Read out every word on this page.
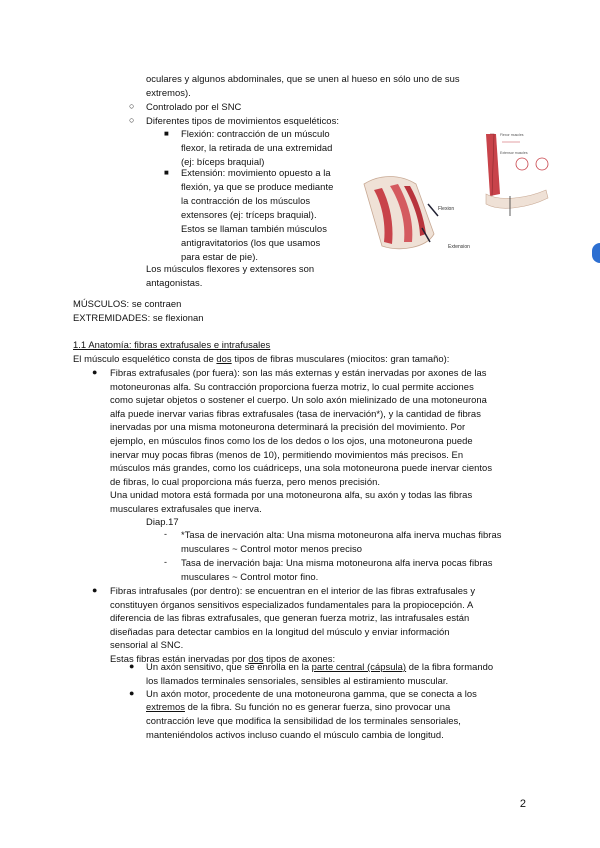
oculares y algunos abdominales, que se unen al hueso en sólo uno de sus
extremos).
○ Controlado por el SNC
○ Diferentes tipos de movimientos esqueléticos:
■ Flexión: contracción de un músculo
flexor, la retirada de una extremidad
(ej: bíceps braquial)
■ Extensión: movimiento opuesto a la
flexión, ya que se produce mediante
la contracción de los músculos
extensores (ej: tríceps braquial).
Estos se llaman también músculos
antigravitatorios (los que usamos
para estar de pie).
Los músculos flexores y extensores son
antagonistas.
Flexion
Extension
Flexor muscles
Extensor muscles
MÚSCULOS: se contraen
EXTREMIDADES: se flexionan
1.1 Anatomía: fibras extrafusales e intrafusales
El músculo esquelético consta de dos tipos de fibras musculares (miocitos: gran tamaño):
● Fibras extrafusales (por fuera): son las más externas y están inervadas por axones de las
motoneuronas alfa. Su contracción proporciona fuerza motriz, lo cual permite acciones
como sujetar objetos o sostener el cuerpo. Un solo axón mielinizado de una motoneurona
alfa puede inervar varias fibras extrafusales (tasa de inervación*), y la cantidad de fibras
inervadas por una misma motoneurona determinará la precisión del movimiento. Por
ejemplo, en músculos finos como los de los dedos o los ojos, una motoneurona puede
inervar muy pocas fibras (menos de 10), permitiendo movimientos más precisos. En
músculos más grandes, como los cuádriceps, una sola motoneurona puede inervar cientos
de fibras, lo cual proporciona más fuerza, pero menos precisión.
Una unidad motora está formada por una motoneurona alfa, su axón y todas las fibras
musculares extrafusales que inerva.
Diap.17
- *Tasa de inervación alta: Una misma motoneurona alfa inerva muchas fibras
musculares ~ Control motor menos preciso
- Tasa de inervación baja: Una misma motoneurona alfa inerva pocas fibras
musculares ~ Control motor fino.
● Fibras intrafusales (por dentro): se encuentran en el interior de las fibras extrafusales y
constituyen órganos sensitivos especializados fundamentales para la propiocepción. A
diferencia de las fibras extrafusales, que generan fuerza motriz, las intrafusales están
diseñadas para detectar cambios en la longitud del músculo y enviar información
sensorial al SNC.
Estas fibras están inervadas por dos tipos de axones:
● Un axón sensitivo, que se enrolla en la parte central (cápsula) de la fibra formando
los llamados terminales sensoriales, sensibles al estiramiento muscular.
● Un axón motor, procedente de una motoneurona gamma, que se conecta a los
extremos de la fibra. Su función no es generar fuerza, sino provocar una
contracción leve que modifica la sensibilidad de los terminales sensoriales,
manteniéndolos activos incluso cuando el músculo cambia de longitud.
2
